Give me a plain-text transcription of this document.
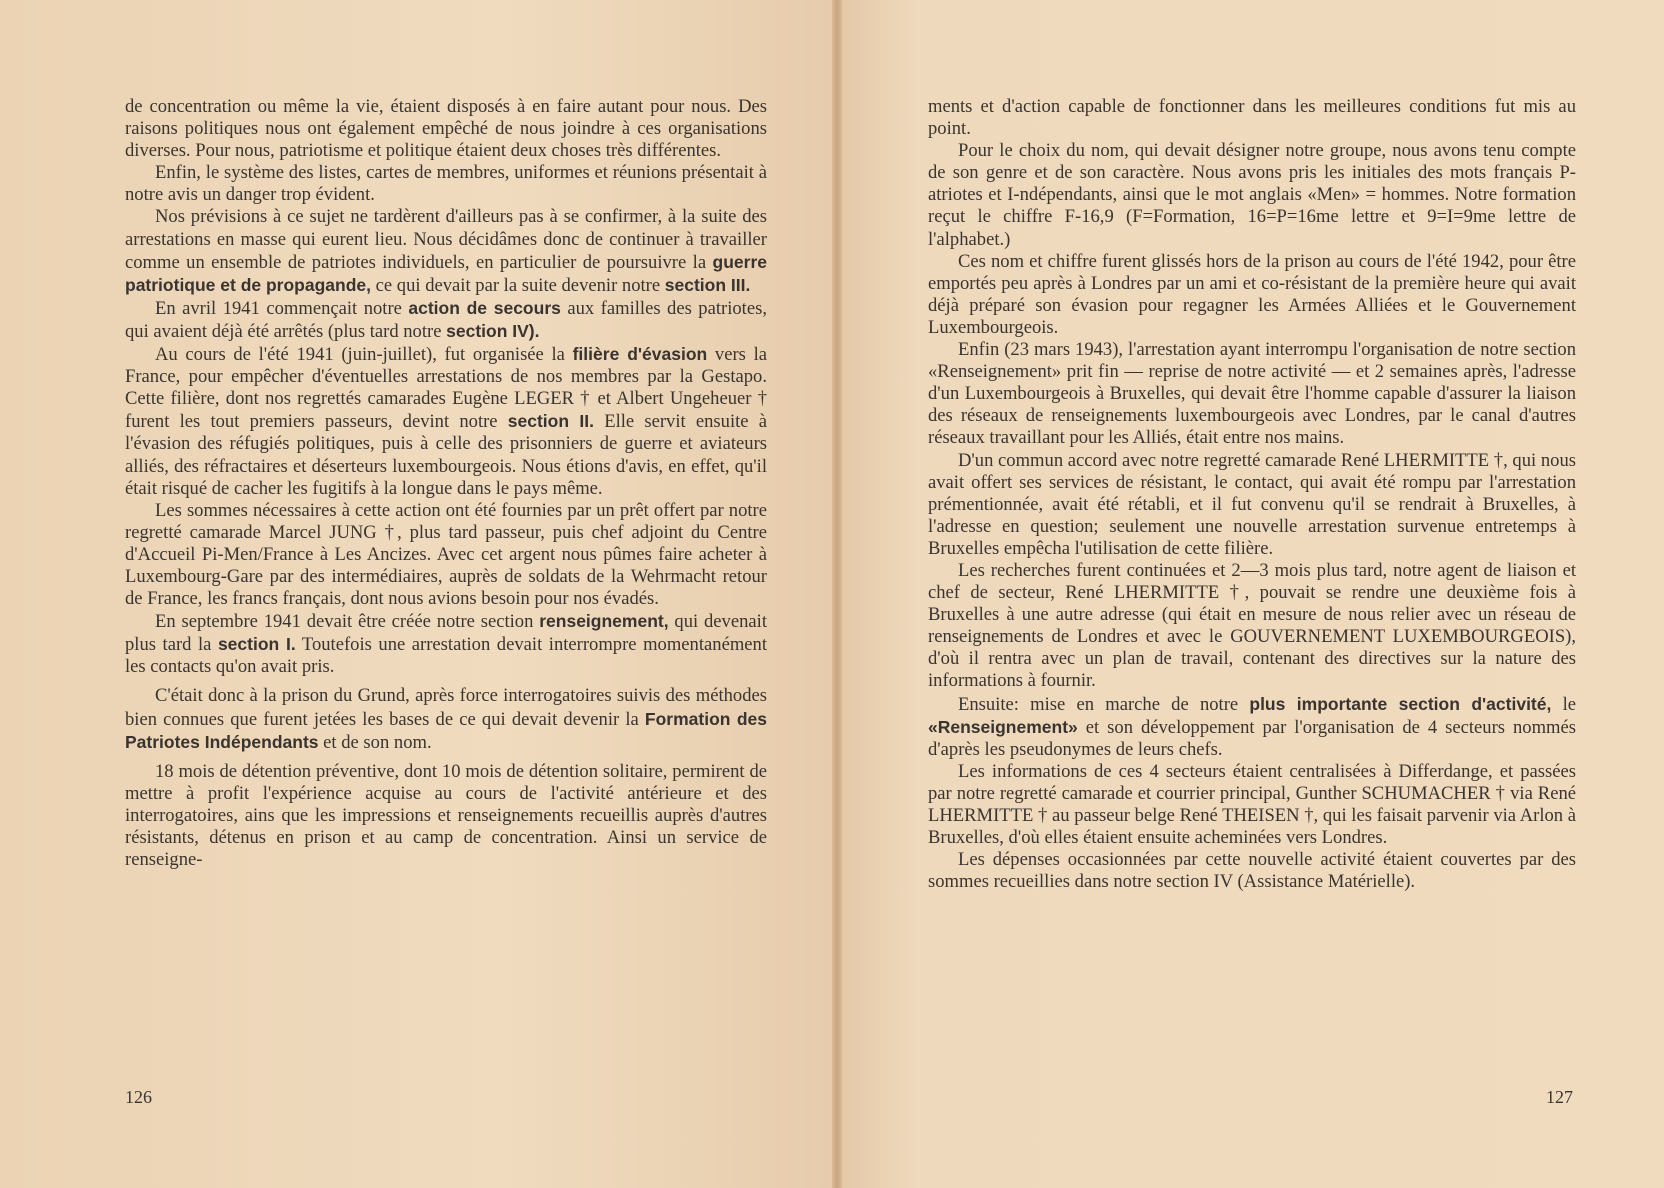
de concentration ou même la vie, étaient disposés à en faire autant pour nous. Des raisons politiques nous ont également empêché de nous joindre à ces organisations diverses. Pour nous, patriotisme et politique étaient deux choses très différentes.

Enfin, le système des listes, cartes de membres, uniformes et réunions présentait à notre avis un danger trop évident.

Nos prévisions à ce sujet ne tardèrent d'ailleurs pas à se confirmer, à la suite des arrestations en masse qui eurent lieu. Nous décidâmes donc de continuer à travailler comme un ensemble de patriotes individuels, en particulier de poursuivre la guerre patriotique et de propagande, ce qui devait par la suite devenir notre section III.

En avril 1941 commençait notre action de secours aux familles des patriotes, qui avaient déjà été arrêtés (plus tard notre section IV).

Au cours de l'été 1941 (juin-juillet), fut organisée la filière d'évasion vers la France, pour empêcher d'éventuelles arrestations de nos membres par la Gestapo. Cette filière, dont nos regrettés camarades Eugène LEGER † et Albert Ungeheuer † furent les tout premiers passeurs, devint notre section II. Elle servit ensuite à l'évasion des réfugiés politiques, puis à celle des prisonniers de guerre et aviateurs alliés, des réfractaires et déserteurs luxembourgeois. Nous étions d'avis, en effet, qu'il était risqué de cacher les fugitifs à la longue dans le pays même.

Les sommes nécessaires à cette action ont été fournies par un prêt offert par notre regretté camarade Marcel JUNG †, plus tard passeur, puis chef adjoint du Centre d'Accueil Pi-Men/France à Les Ancizes. Avec cet argent nous pûmes faire acheter à Luxembourg-Gare par des intermédiaires, auprès de soldats de la Wehrmacht retour de France, les francs français, dont nous avions besoin pour nos évadés.

En septembre 1941 devait être créée notre section renseignement, qui devenait plus tard la section I. Toutefois une arrestation devait interrompre momentanément les contacts qu'on avait pris.

C'était donc à la prison du Grund, après force interrogatoires suivis des méthodes bien connues que furent jetées les bases de ce qui devait devenir la Formation des Patriotes Indépendants et de son nom.

18 mois de détention préventive, dont 10 mois de détention solitaire, permirent de mettre à profit l'expérience acquise au cours de l'activité antérieure et des interrogatoires, ains que les impressions et renseignements recueillis auprès d'autres résistants, détenus en prison et au camp de concentration. Ainsi un service de renseigne-

126

ments et d'action capable de fonctionner dans les meilleures conditions fut mis au point.

Pour le choix du nom, qui devait désigner notre groupe, nous avons tenu compte de son genre et de son caractère. Nous avons pris les initiales des mots français P-atriotes et I-ndépendants, ainsi que le mot anglais «Men» = hommes. Notre formation reçut le chiffre F-16,9 (F=Formation, 16=P=16me lettre et 9=I=9me lettre de l'alphabet.)

Ces nom et chiffre furent glissés hors de la prison au cours de l'été 1942, pour être emportés peu après à Londres par un ami et co-résistant de la première heure qui avait déjà préparé son évasion pour regagner les Armées Alliées et le Gouvernement Luxembourgeois.

Enfin (23 mars 1943), l'arrestation ayant interrompu l'organisation de notre section «Renseignement» prit fin — reprise de notre activité — et 2 semaines après, l'adresse d'un Luxembourgeois à Bruxelles, qui devait être l'homme capable d'assurer la liaison des réseaux de renseignements luxembourgeois avec Londres, par le canal d'autres réseaux travaillant pour les Alliés, était entre nos mains.

D'un commun accord avec notre regretté camarade René LHERMITTE †, qui nous avait offert ses services de résistant, le contact, qui avait été rompu par l'arrestation prémentionnée, avait été rétabli, et il fut convenu qu'il se rendrait à Bruxelles, à l'adresse en question; seulement une nouvelle arrestation survenue entretemps à Bruxelles empêcha l'utilisation de cette filière.

Les recherches furent continuées et 2—3 mois plus tard, notre agent de liaison et chef de secteur, René LHERMITTE †, pouvait se rendre une deuxième fois à Bruxelles à une autre adresse (qui était en mesure de nous relier avec un réseau de renseignements de Londres et avec le GOUVERNEMENT LUXEMBOURGEOIS), d'où il rentra avec un plan de travail, contenant des directives sur la nature des informations à fournir.

Ensuite: mise en marche de notre plus importante section d'activité, le «Renseignement» et son développement par l'organisation de 4 secteurs nommés d'après les pseudonymes de leurs chefs.

Les informations de ces 4 secteurs étaient centralisées à Differdange, et passées par notre regretté camarade et courrier principal, Gunther SCHUMACHER † via René LHERMITTE † au passeur belge René THEISEN †, qui les faisait parvenir via Arlon à Bruxelles, d'où elles étaient ensuite acheminées vers Londres.

Les dépenses occasionnées par cette nouvelle activité étaient couvertes par des sommes recueillies dans notre section IV (Assistance Matérielle).

127
